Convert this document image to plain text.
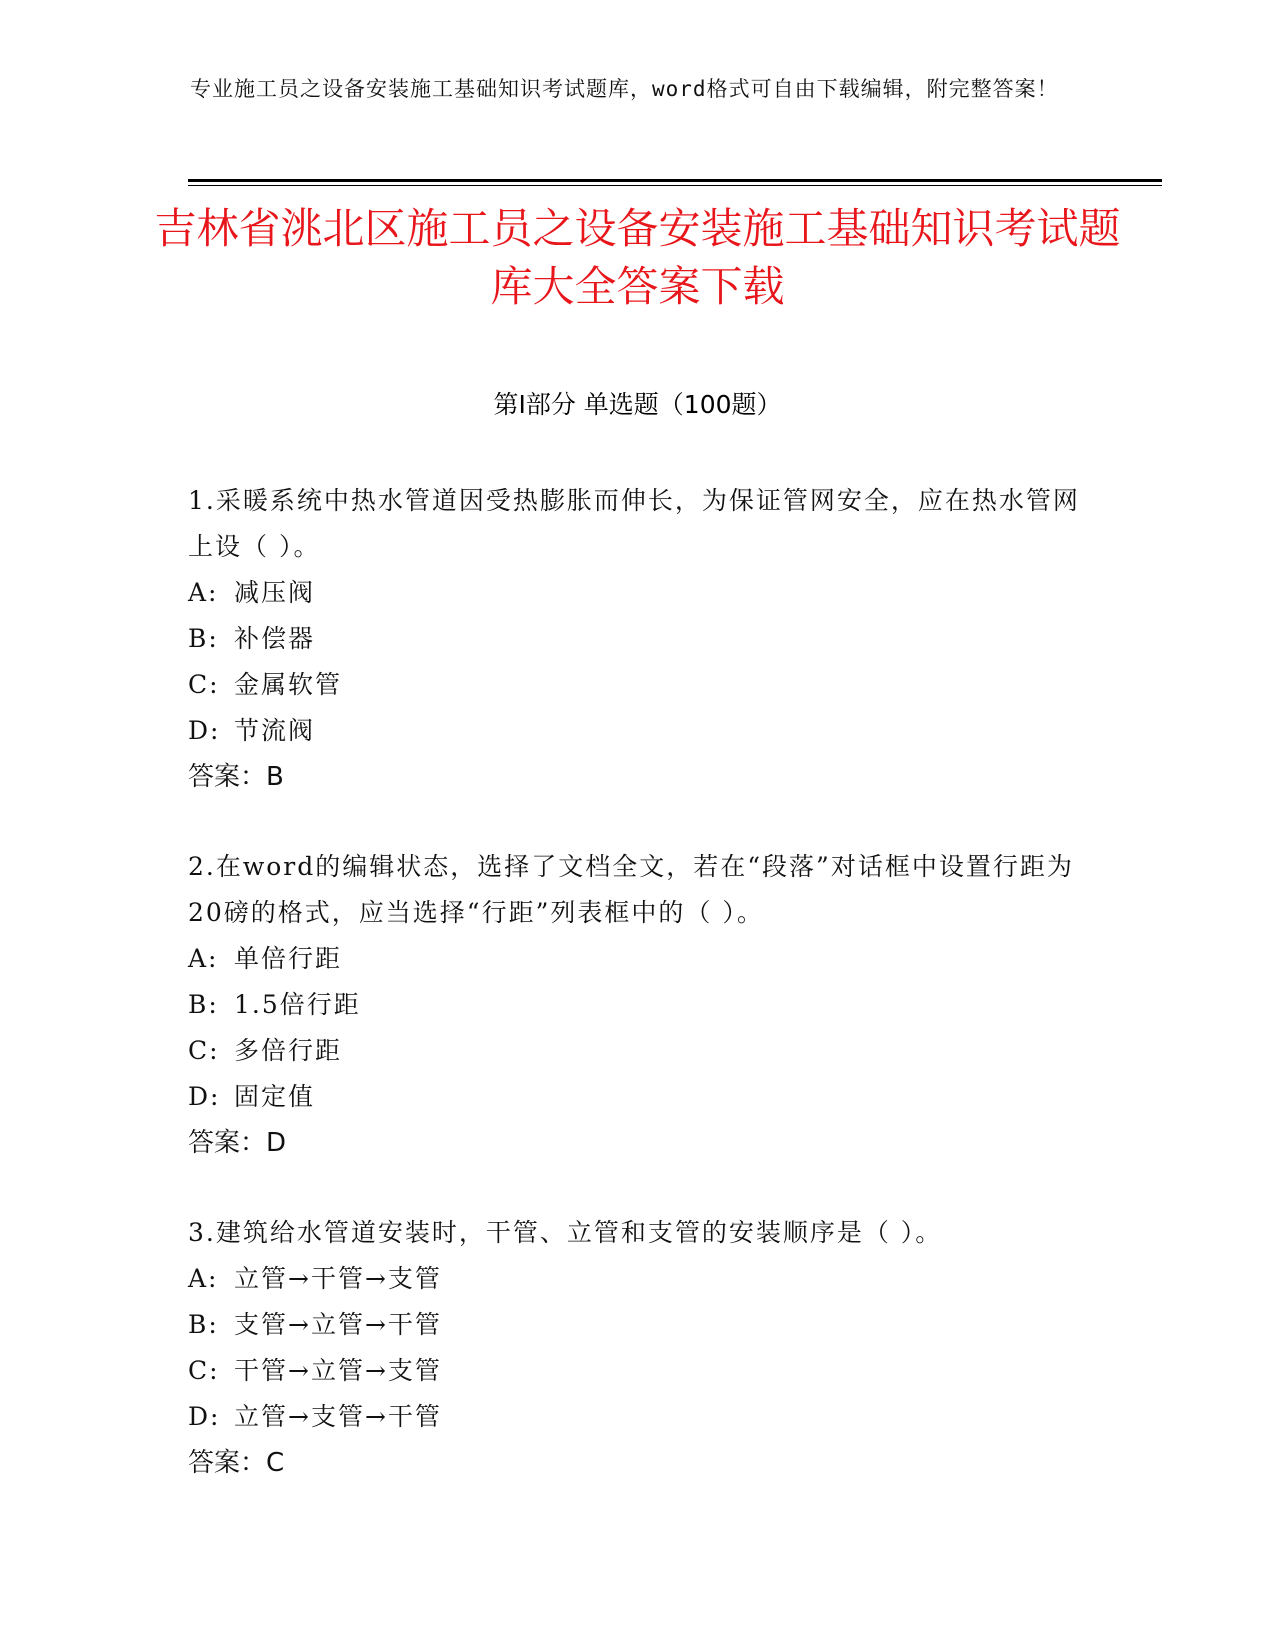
专业施工员之设备安装施工基础知识考试题库，word格式可自由下载编辑，附完整答案！
吉林省洮北区施工员之设备安装施工基础知识考试题库大全答案下载
第I部分 单选题（100题）
1.采暖系统中热水管道因受热膨胀而伸长，为保证管网安全，应在热水管网上设（ ）。
A: 减压阀
B: 补偿器
C: 金属软管
D: 节流阀
答案：B
2.在word的编辑状态，选择了文档全文，若在“段落”对话框中设置行距为20磅的格式，应当选择“行距”列表框中的（ ）。
A: 单倍行距
B: 1.5倍行距
C: 多倍行距
D: 固定值
答案：D
3.建筑给水管道安装时，干管、立管和支管的安装顺序是（ ）。
A: 立管→干管→支管
B: 支管→立管→干管
C: 干管→立管→支管
D: 立管→支管→干管
答案：C
